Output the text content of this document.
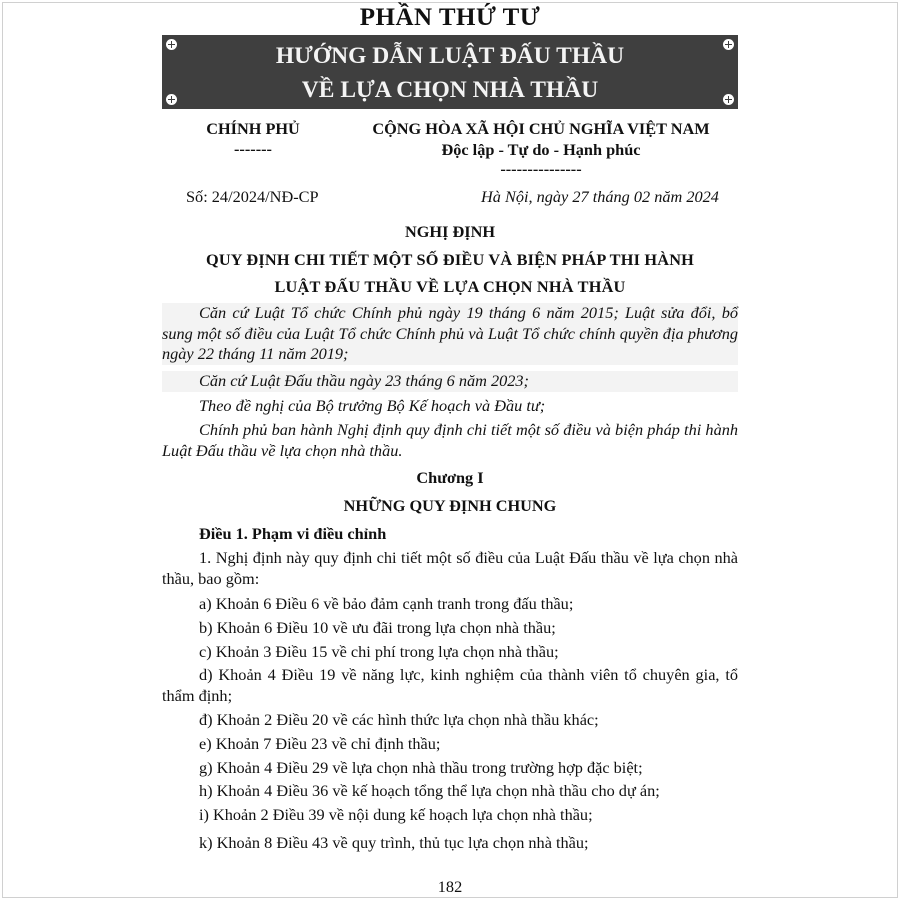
PHẦN THỨ TƯ
HƯỚNG DẪN LUẬT ĐẤU THẦU
VỀ LỰA CHỌN NHÀ THẦU
CHÍNH PHỦ
-------
CỘNG HÒA XÃ HỘI CHỦ NGHĨA VIỆT NAM
Độc lập - Tự do - Hạnh phúc
---------------
Số: 24/2024/NĐ-CP	Hà Nội, ngày 27 tháng 02 năm 2024
NGHỊ ĐỊNH
QUY ĐỊNH CHI TIẾT MỘT SỐ ĐIỀU VÀ BIỆN PHÁP THI HÀNH
LUẬT ĐẤU THẦU VỀ LỰA CHỌN NHÀ THẦU
Căn cứ Luật Tổ chức Chính phủ ngày 19 tháng 6 năm 2015; Luật sửa đổi, bổ sung một số điều của Luật Tổ chức Chính phủ và Luật Tổ chức chính quyền địa phương ngày 22 tháng 11 năm 2019;
Căn cứ Luật Đấu thầu ngày 23 tháng 6 năm 2023;
Theo đề nghị của Bộ trưởng Bộ Kế hoạch và Đầu tư;
Chính phủ ban hành Nghị định quy định chi tiết một số điều và biện pháp thi hành Luật Đấu thầu về lựa chọn nhà thầu.
Chương I
NHỮNG QUY ĐỊNH CHUNG
Điều 1. Phạm vi điều chỉnh
1. Nghị định này quy định chi tiết một số điều của Luật Đấu thầu về lựa chọn nhà thầu, bao gồm:
a) Khoản 6 Điều 6 về bảo đảm cạnh tranh trong đấu thầu;
b) Khoản 6 Điều 10 về ưu đãi trong lựa chọn nhà thầu;
c) Khoản 3 Điều 15 về chi phí trong lựa chọn nhà thầu;
d) Khoản 4 Điều 19 về năng lực, kinh nghiệm của thành viên tổ chuyên gia, tổ thẩm định;
đ) Khoản 2 Điều 20 về các hình thức lựa chọn nhà thầu khác;
e) Khoản 7 Điều 23 về chỉ định thầu;
g) Khoản 4 Điều 29 về lựa chọn nhà thầu trong trường hợp đặc biệt;
h) Khoản 4 Điều 36 về kế hoạch tổng thể lựa chọn nhà thầu cho dự án;
i) Khoản 2 Điều 39 về nội dung kế hoạch lựa chọn nhà thầu;
k) Khoản 8 Điều 43 về quy trình, thủ tục lựa chọn nhà thầu;
182
